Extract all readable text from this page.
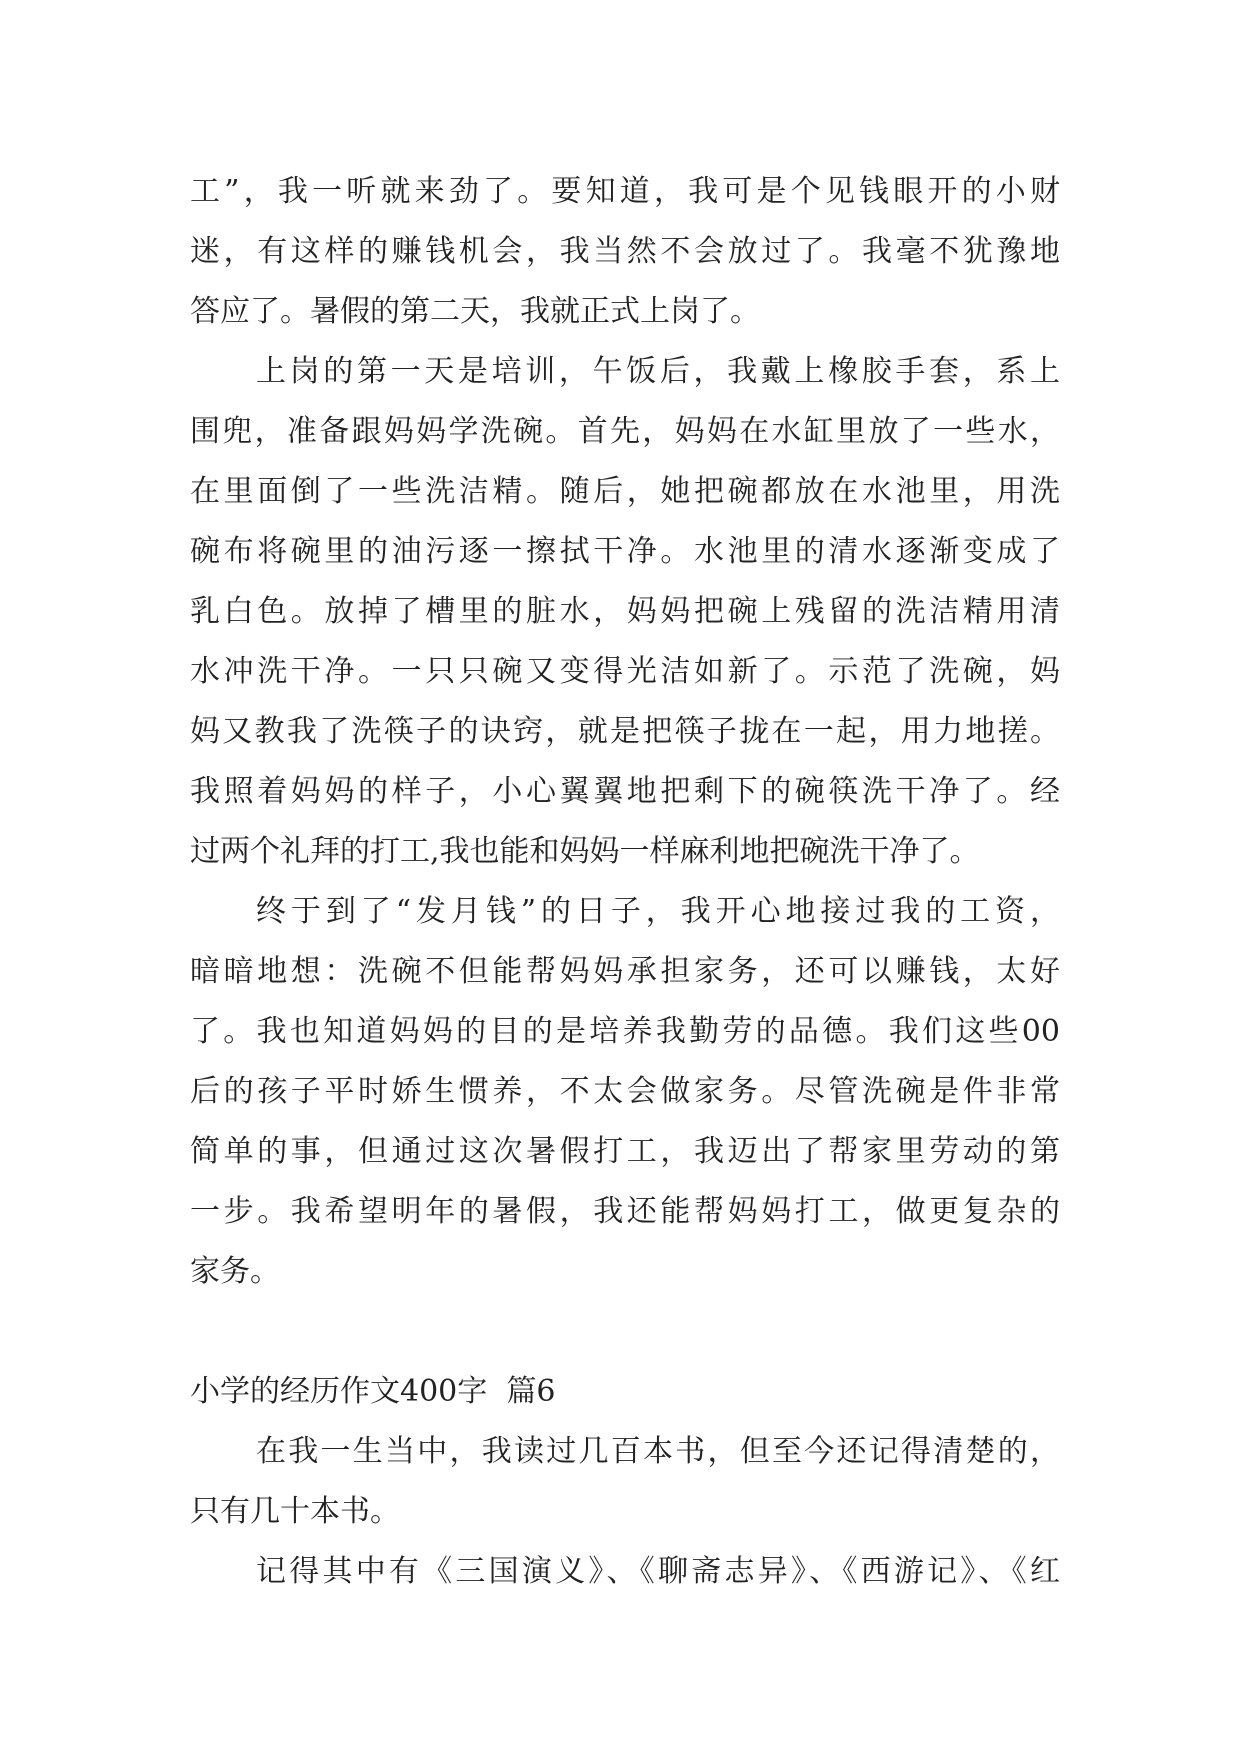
工”，我一听就来劲了。要知道，我可是个见钱眼开的小财
迷，有这样的赚钱机会，我当然不会放过了。我毫不犹豫地
答应了。暑假的第二天，我就正式上岗了。
上岗的第一天是培训，午饭后，我戴上橡胶手套，系上
围兜，准备跟妈妈学洗碗。首先，妈妈在水缸里放了一些水，
在里面倒了一些洗洁精。随后，她把碗都放在水池里，用洗
碗布将碗里的油污逐一擦拭干净。水池里的清水逐渐变成了
乳白色。放掉了槽里的脏水，妈妈把碗上残留的洗洁精用清
水冲洗干净。一只只碗又变得光洁如新了。示范了洗碗，妈
妈又教我了洗筷子的诀窍，就是把筷子拢在一起，用力地搓。
我照着妈妈的样子，小心翼翼地把剩下的碗筷洗干净了。经
过两个礼拜的打工,我也能和妈妈一样麻利地把碗洗干净了。
终于到了“发月钱”的日子，我开心地接过我的工资，
暗暗地想：洗碗不但能帮妈妈承担家务，还可以赚钱，太好
了。我也知道妈妈的目的是培养我勤劳的品德。我们这些00
后的孩子平时娇生惯养，不太会做家务。尽管洗碗是件非常
简单的事，但通过这次暑假打工，我迈出了帮家里劳动的第
一步。我希望明年的暑假，我还能帮妈妈打工，做更复杂的
家务。
小学的经历作文400字  篇6
在我一生当中，我读过几百本书，但至今还记得清楚的，
只有几十本书。
记得其中有《三国演义》、《聊斋志异》、《西游记》、《红
